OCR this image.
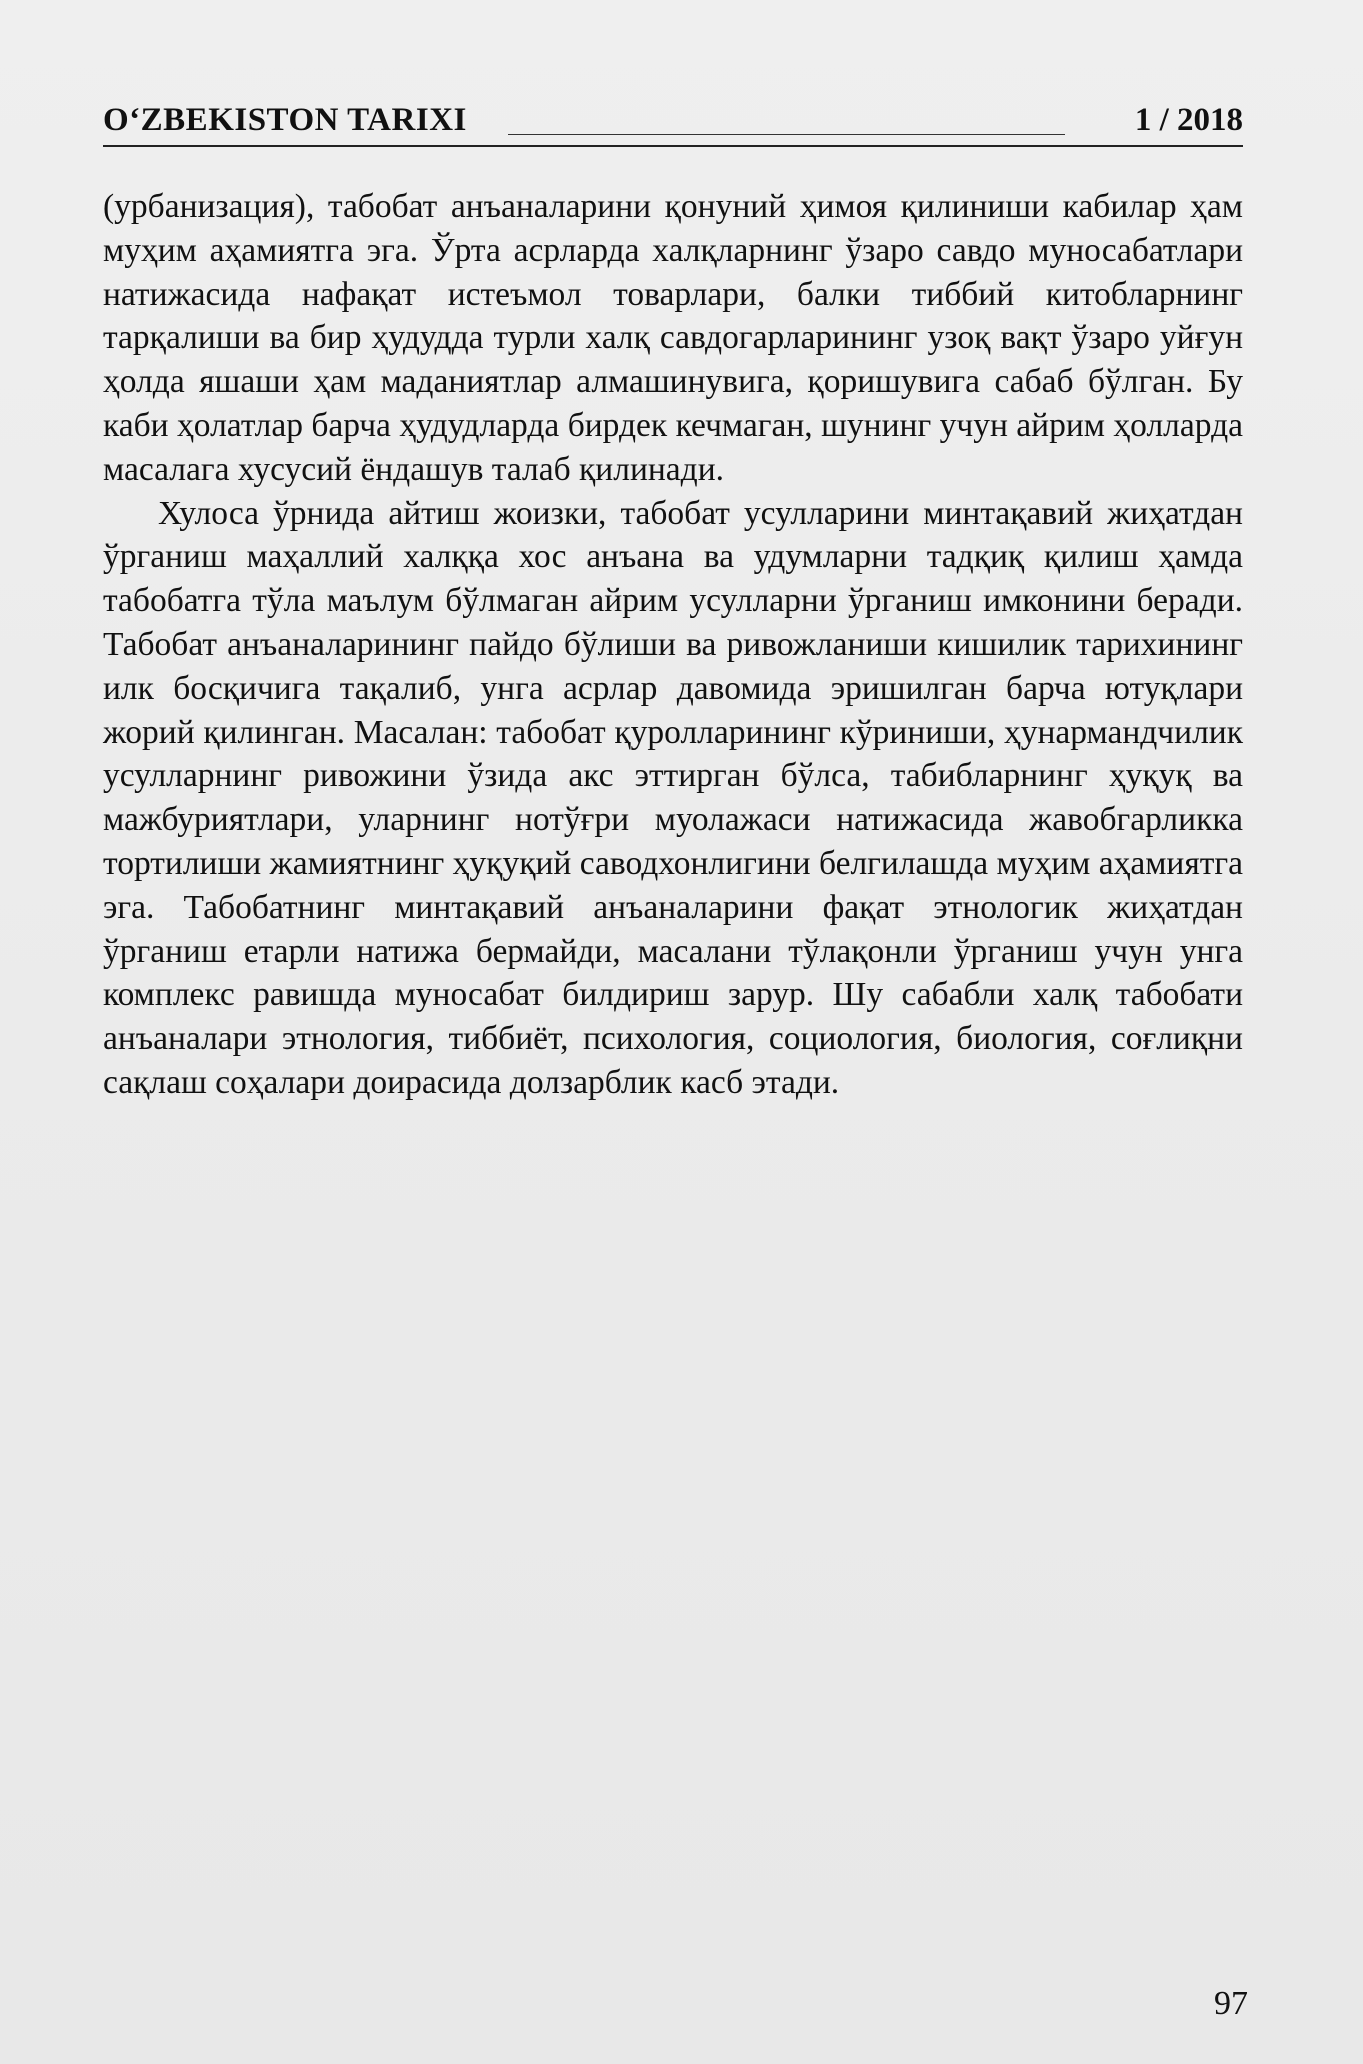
O‘ZBEKISTON TARIXI	1 / 2018

(урбанизация), табобат анъаналарини қонуний ҳимоя қилиниши кабилар ҳам муҳим аҳамиятга эга. Ўрта асрларда халқларнинг ўзаро савдо муносабатлари натижасида нафақат истеъмол товарлари, балки тиббий китобларнинг тарқалиши ва бир ҳудудда турли халқ савдогарларининг узоқ вақт ўзаро уйғун ҳолда яшаши ҳам маданиятлар алмашинувига, қоришувига сабаб бўлган. Бу каби ҳолатлар барча ҳудудларда бирдек кечмаган, шунинг учун айрим ҳолларда масалага хусусий ёндашув талаб қилинади.

Хулоса ўрнида айтиш жоизки, табобат усулларини минтақавий жиҳатдан ўрганиш маҳаллий халққа хос анъана ва удумларни тадқиқ қилиш ҳамда табобатга тўла маълум бўлмаган айрим усулларни ўрганиш имконини беради. Табобат анъаналарининг пайдо бўлиши ва ривожланиши кишилик тарихининг илк босқичига тақалиб, унга асрлар давомида эришилган барча ютуқлари жорий қилинган. Масалан: табобат қуролларининг кўриниши, ҳунармандчилик усулларнинг ривожини ўзида акс эттирган бўлса, табибларнинг ҳуқуқ ва мажбуриятлари, уларнинг нотўғри муолажаси натижасида жавобгарликка тортилиши жамиятнинг ҳуқуқий саводхонлигини белгилашда муҳим аҳамиятга эга. Табобатнинг минтақавий анъаналарини фақат этнологик жиҳатдан ўрганиш етарли натижа бермайди, масалани тўлақонли ўрганиш учун унга комплекс равишда муносабат билдириш зарур. Шу сабабли халқ табобати анъаналари этнология, тиббиёт, психология, социология, биология, соғлиқни сақлаш соҳалари доирасида долзарблик касб этади.

97
